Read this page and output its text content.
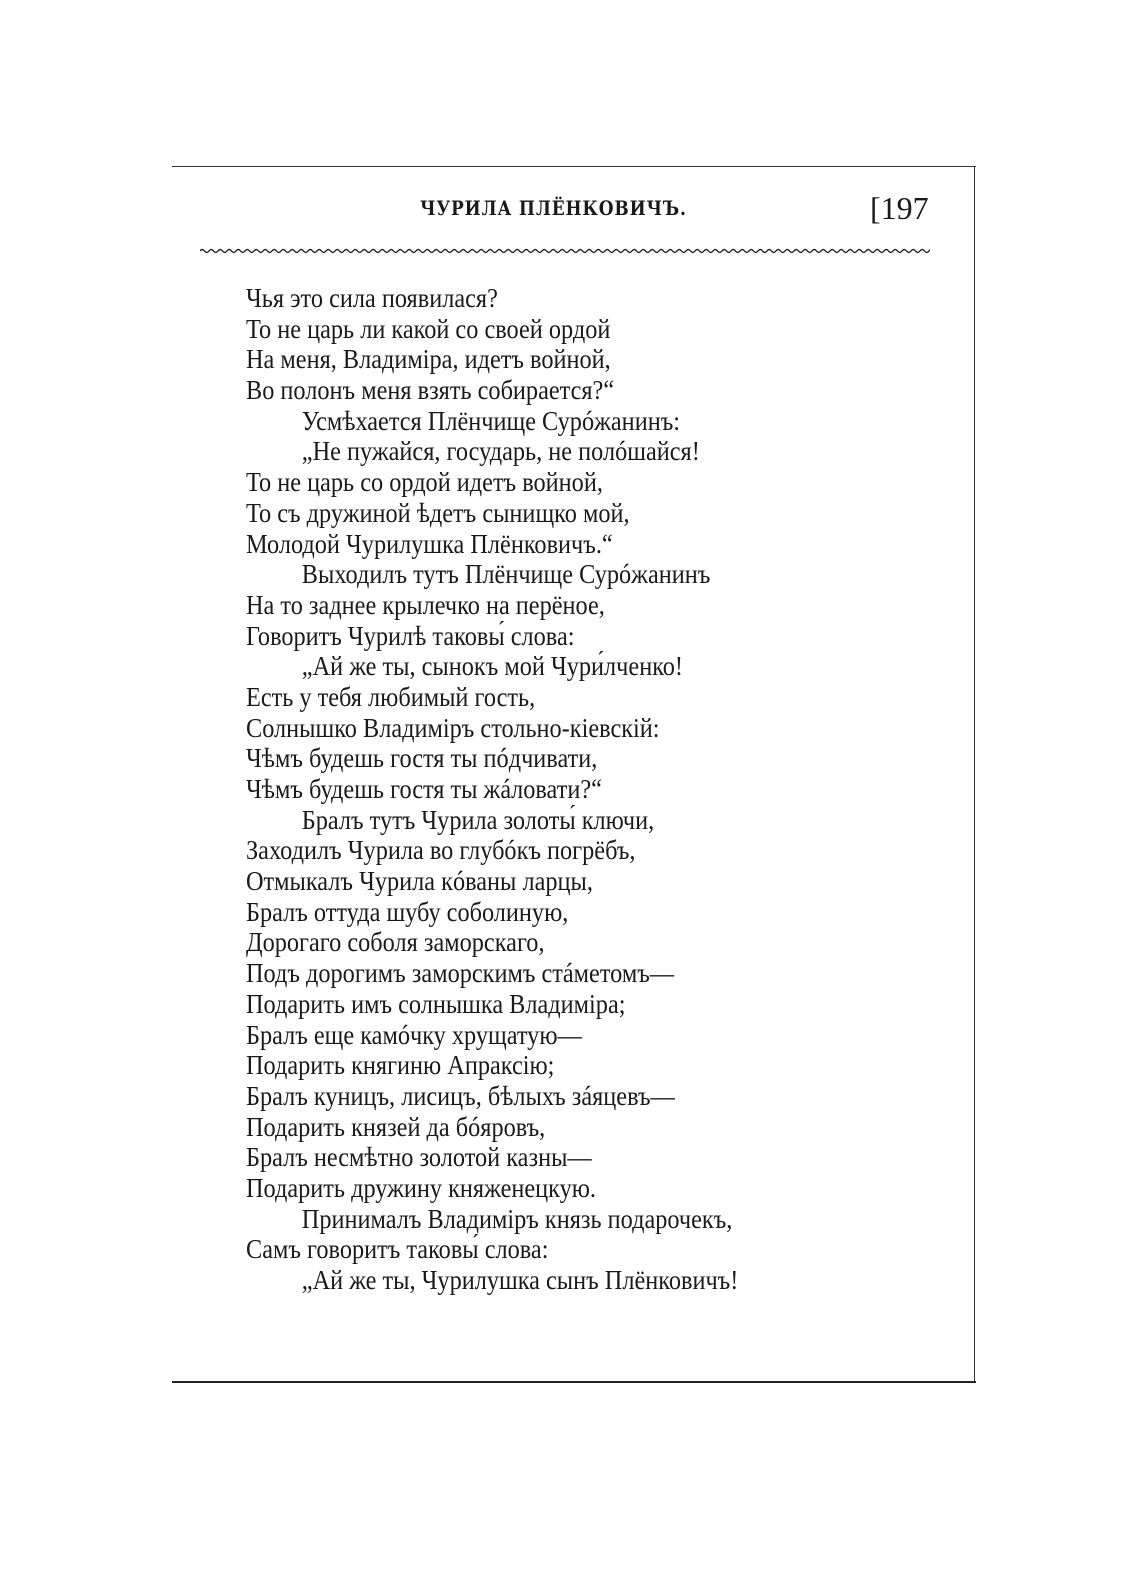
ЧУРИЛА ПЛЁНКОВИЧЪ.	[197
Чья это сила появилася?
То не царь ли какой со своей ордой
На меня, Владиміра, идетъ войной,
Во полонъ меня взять собирается?“
Усмѣхается Плёнчище Сурóжанинъ:
„Не пужайся, государь, не полóшайся!
То не царь со ордой идетъ войной,
То съ дружиной ѣдетъ сынищко мой,
Молодой Чурилушка Плёнковичъ.“
Выходилъ тутъ Плёнчище Сурóжанинъ
На то заднее крылечко на перёное,
Говоритъ Чурилѣ таковы́ слова:
„Ай же ты, сынокъ мой Чури́лченко!
Есть у тебя любимый гость,
Солнышко Владиміръ стольно-кіевскій:
Чѣмъ будешь гостя ты пóдчивати,
Чѣмъ будешь гостя ты жáловати?“
Бралъ тутъ Чурила золоты́ ключи,
Заходилъ Чурила во глубóкъ погрёбъ,
Отмыкалъ Чурила кóваны ларцы,
Бралъ оттуда шубу соболиную,
Дорогаго соболя заморскаго,
Подъ дорогимъ заморскимъ стáметомъ—
Подарить имъ солнышка Владиміра;
Бралъ еще камóчку хрущатую—
Подарить княгиню Апраксію;
Бралъ куницъ, лисицъ, бѣлыхъ зáяцевъ—
Подарить князей да бóяровъ,
Бралъ несмѣтно золотой казны—
Подарить дружину княженецкую.
Принималъ Владиміръ князь подарочекъ,
Самъ говоритъ таковы́ слова:
„Ай же ты, Чурилушка сынъ Плёнковичъ!
